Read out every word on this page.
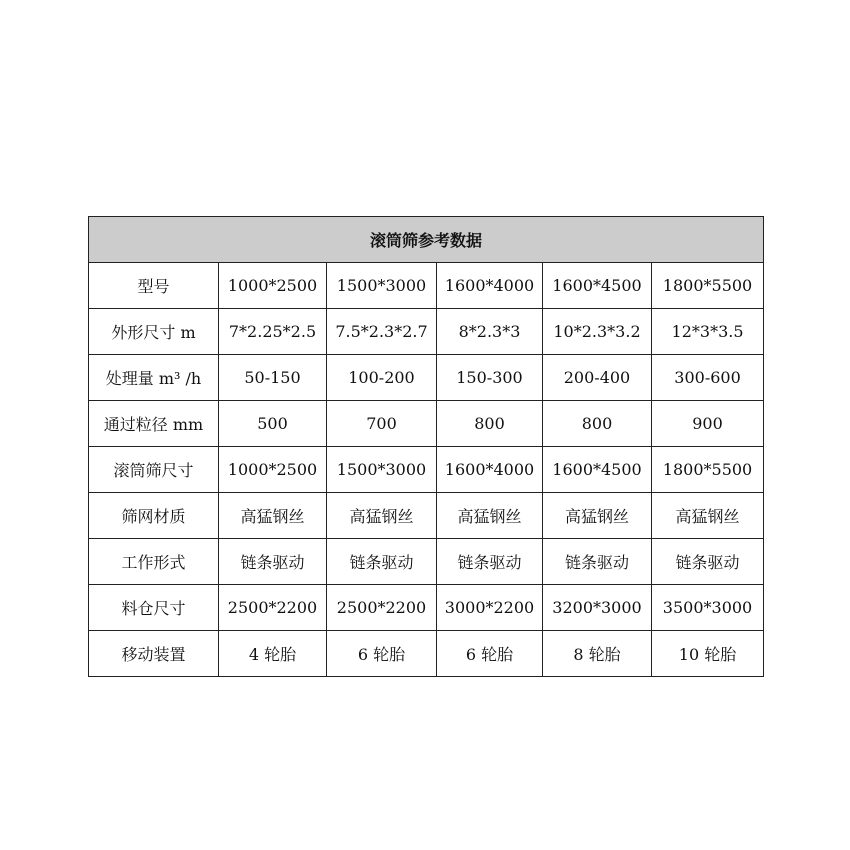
滚筒筛参考数据					
型号	1000*2500	1500*3000	1600*4000	1600*4500	1800*5500
外形尺寸 m	7*2.25*2.5	7.5*2.3*2.7	8*2.3*3	10*2.3*3.2	12*3*3.5
处理量 m³ /h	50-150	100-200	150-300	200-400	300-600
通过粒径 mm	500	700	800	800	900
滚筒筛尺寸	1000*2500	1500*3000	1600*4000	1600*4500	1800*5500
筛网材质	高猛钢丝	高猛钢丝	高猛钢丝	高猛钢丝	高猛钢丝
工作形式	链条驱动	链条驱动	链条驱动	链条驱动	链条驱动
料仓尺寸	2500*2200	2500*2200	3000*2200	3200*3000	3500*3000
移动装置	4 轮胎	6 轮胎	6 轮胎	8 轮胎	10 轮胎
